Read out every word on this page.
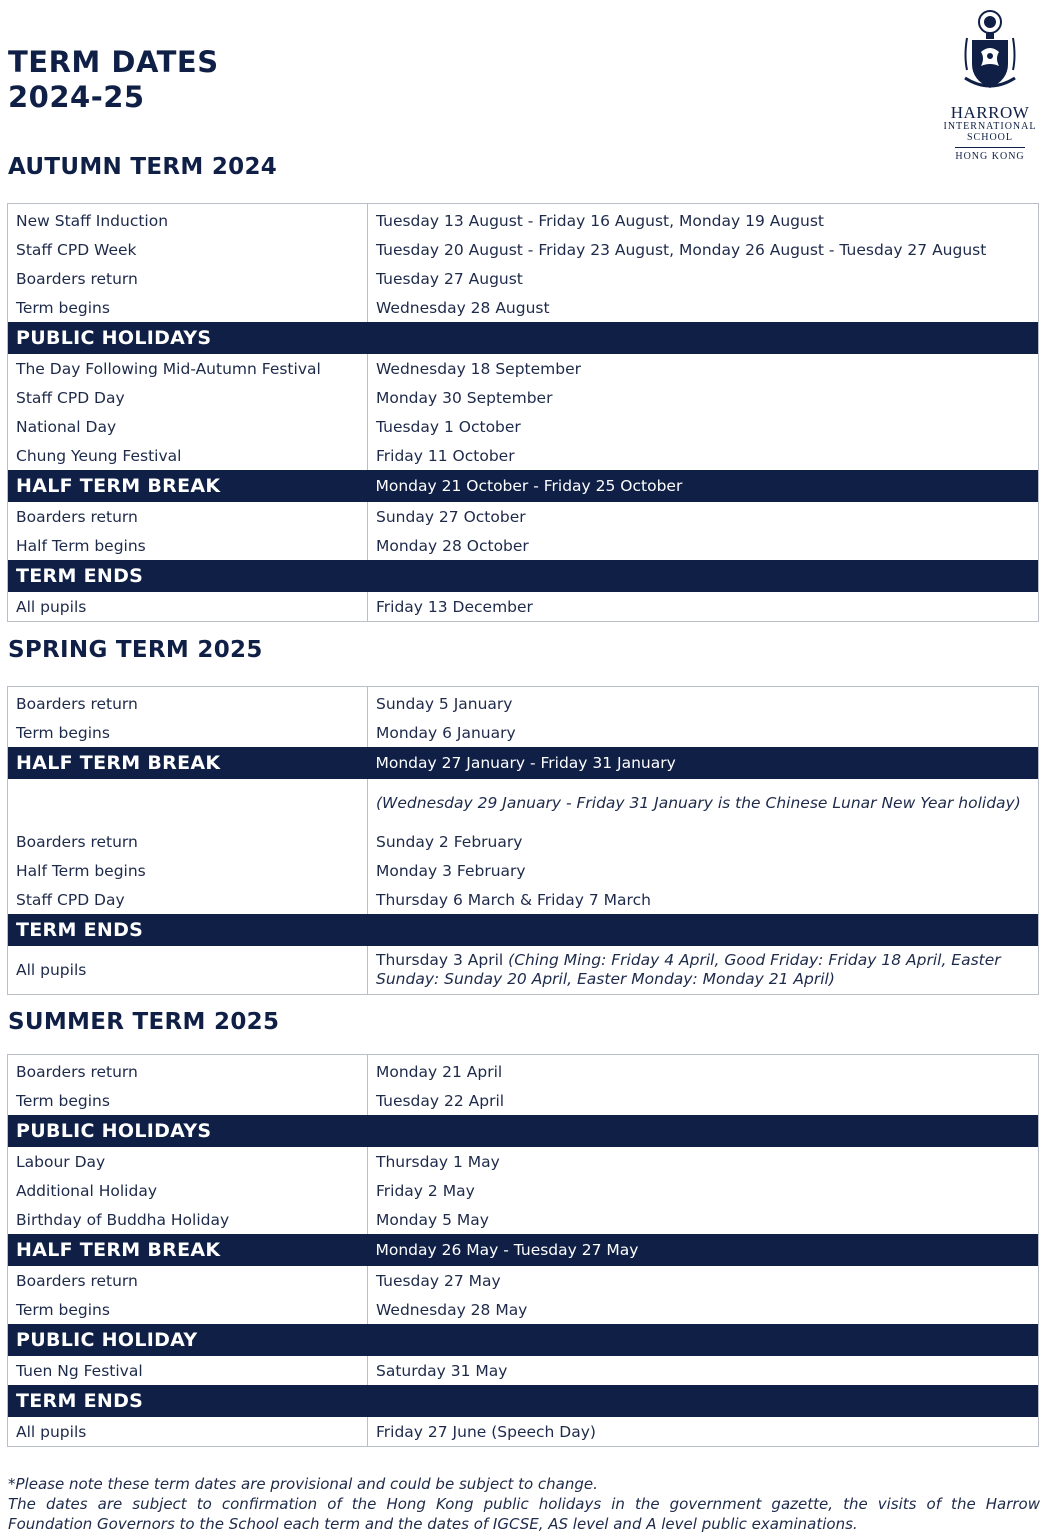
TERM DATES
2024-25	HARROW
INTERNATIONAL
SCHOOL
HONG KONG
AUTUMN TERM 2024
New Staff Induction	Tuesday 13 August - Friday 16 August, Monday 19 August
Staff CPD Week	Tuesday 20 August - Friday 23 August, Monday 26 August - Tuesday 27 August
Boarders return	Tuesday 27 August
Term begins	Wednesday 28 August
PUBLIC HOLIDAYS	
The Day Following Mid-Autumn Festival	Wednesday 18 September
Staff CPD Day	Monday 30 September
National Day	Tuesday 1 October
Chung Yeung Festival	Friday 11 October
HALF TERM BREAK	Monday 21 October - Friday 25 October
Boarders return	Sunday 27 October
Half Term begins	Monday 28 October
TERM ENDS	
All pupils	Friday 13 December
SPRING TERM 2025
Boarders return	Sunday 5 January
Term begins	Monday 6 January
HALF TERM BREAK	Monday 27 January - Friday 31 January
	(Wednesday 29 January - Friday 31 January is the Chinese Lunar New Year holiday)
Boarders return	Sunday 2 February
Half Term begins	Monday 3 February
Staff CPD Day	Thursday 6 March & Friday 7 March
TERM ENDS	
All pupils	Thursday 3 April (Ching Ming: Friday 4 April, Good Friday: Friday 18 April, Easter Sunday: Sunday 20 April, Easter Monday: Monday 21 April)
SUMMER TERM 2025
Boarders return	Monday 21 April
Term begins	Tuesday 22 April
PUBLIC HOLIDAYS	
Labour Day	Thursday 1 May
Additional Holiday	Friday 2 May
Birthday of Buddha Holiday	Monday 5 May
HALF TERM BREAK	Monday 26 May - Tuesday 27 May
Boarders return	Tuesday 27 May
Term begins	Wednesday 28 May
PUBLIC HOLIDAY	
Tuen Ng Festival	Saturday 31 May
TERM ENDS	
All pupils	Friday 27 June (Speech Day)
*Please note these term dates are provisional and could be subject to change.
The dates are subject to confirmation of the Hong Kong public holidays in the government gazette, the visits of the Harrow
Foundation Governors to the School each term and the dates of IGCSE, AS level and A level public examinations.
